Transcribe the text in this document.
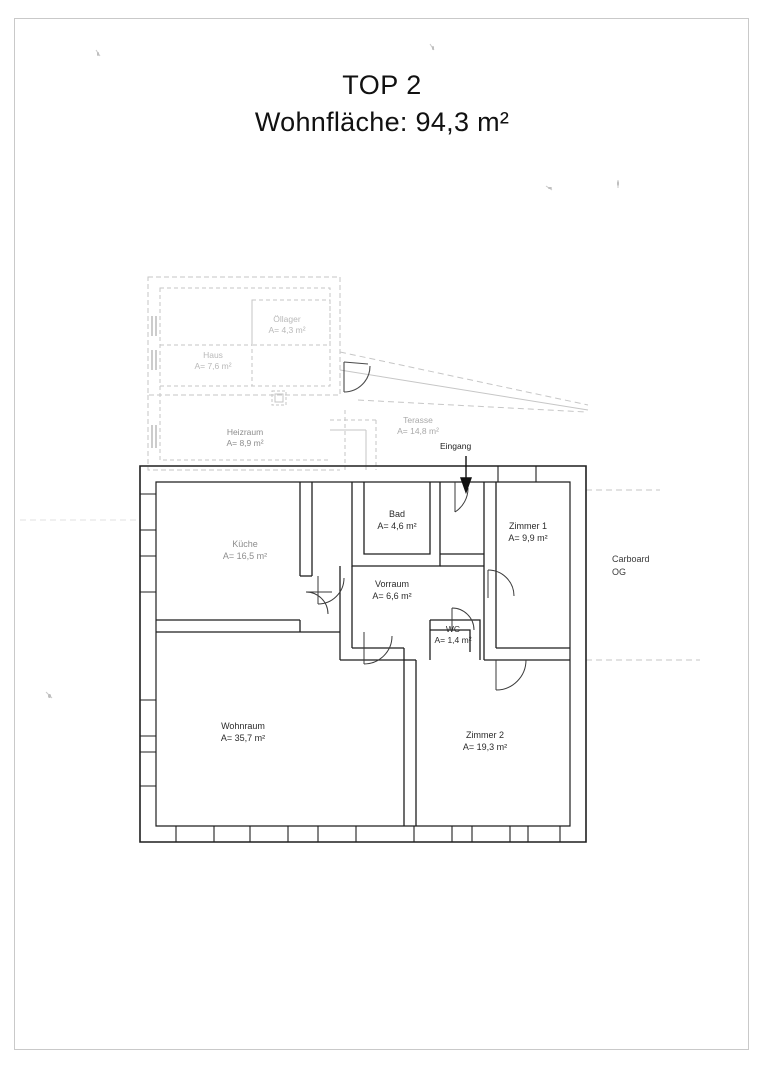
TOP 2
Wohnfläche: 94,3 m²
Öllager
A= 4,3 m²
Haus
A= 7,6 m²
Heizraum
A= 8,9 m²
Terasse
A= 14,8 m²
Küche
A= 16,5 m²
Bad
A= 4,6 m²	Zimmer 1
A= 9,9 m²
Vorraum
A= 6,6 m²
WC
A= 1,4 m²
Wohnraum
A= 35,7 m²	Zimmer 2
A= 19,3 m²
Eingang
Carboard
OG
